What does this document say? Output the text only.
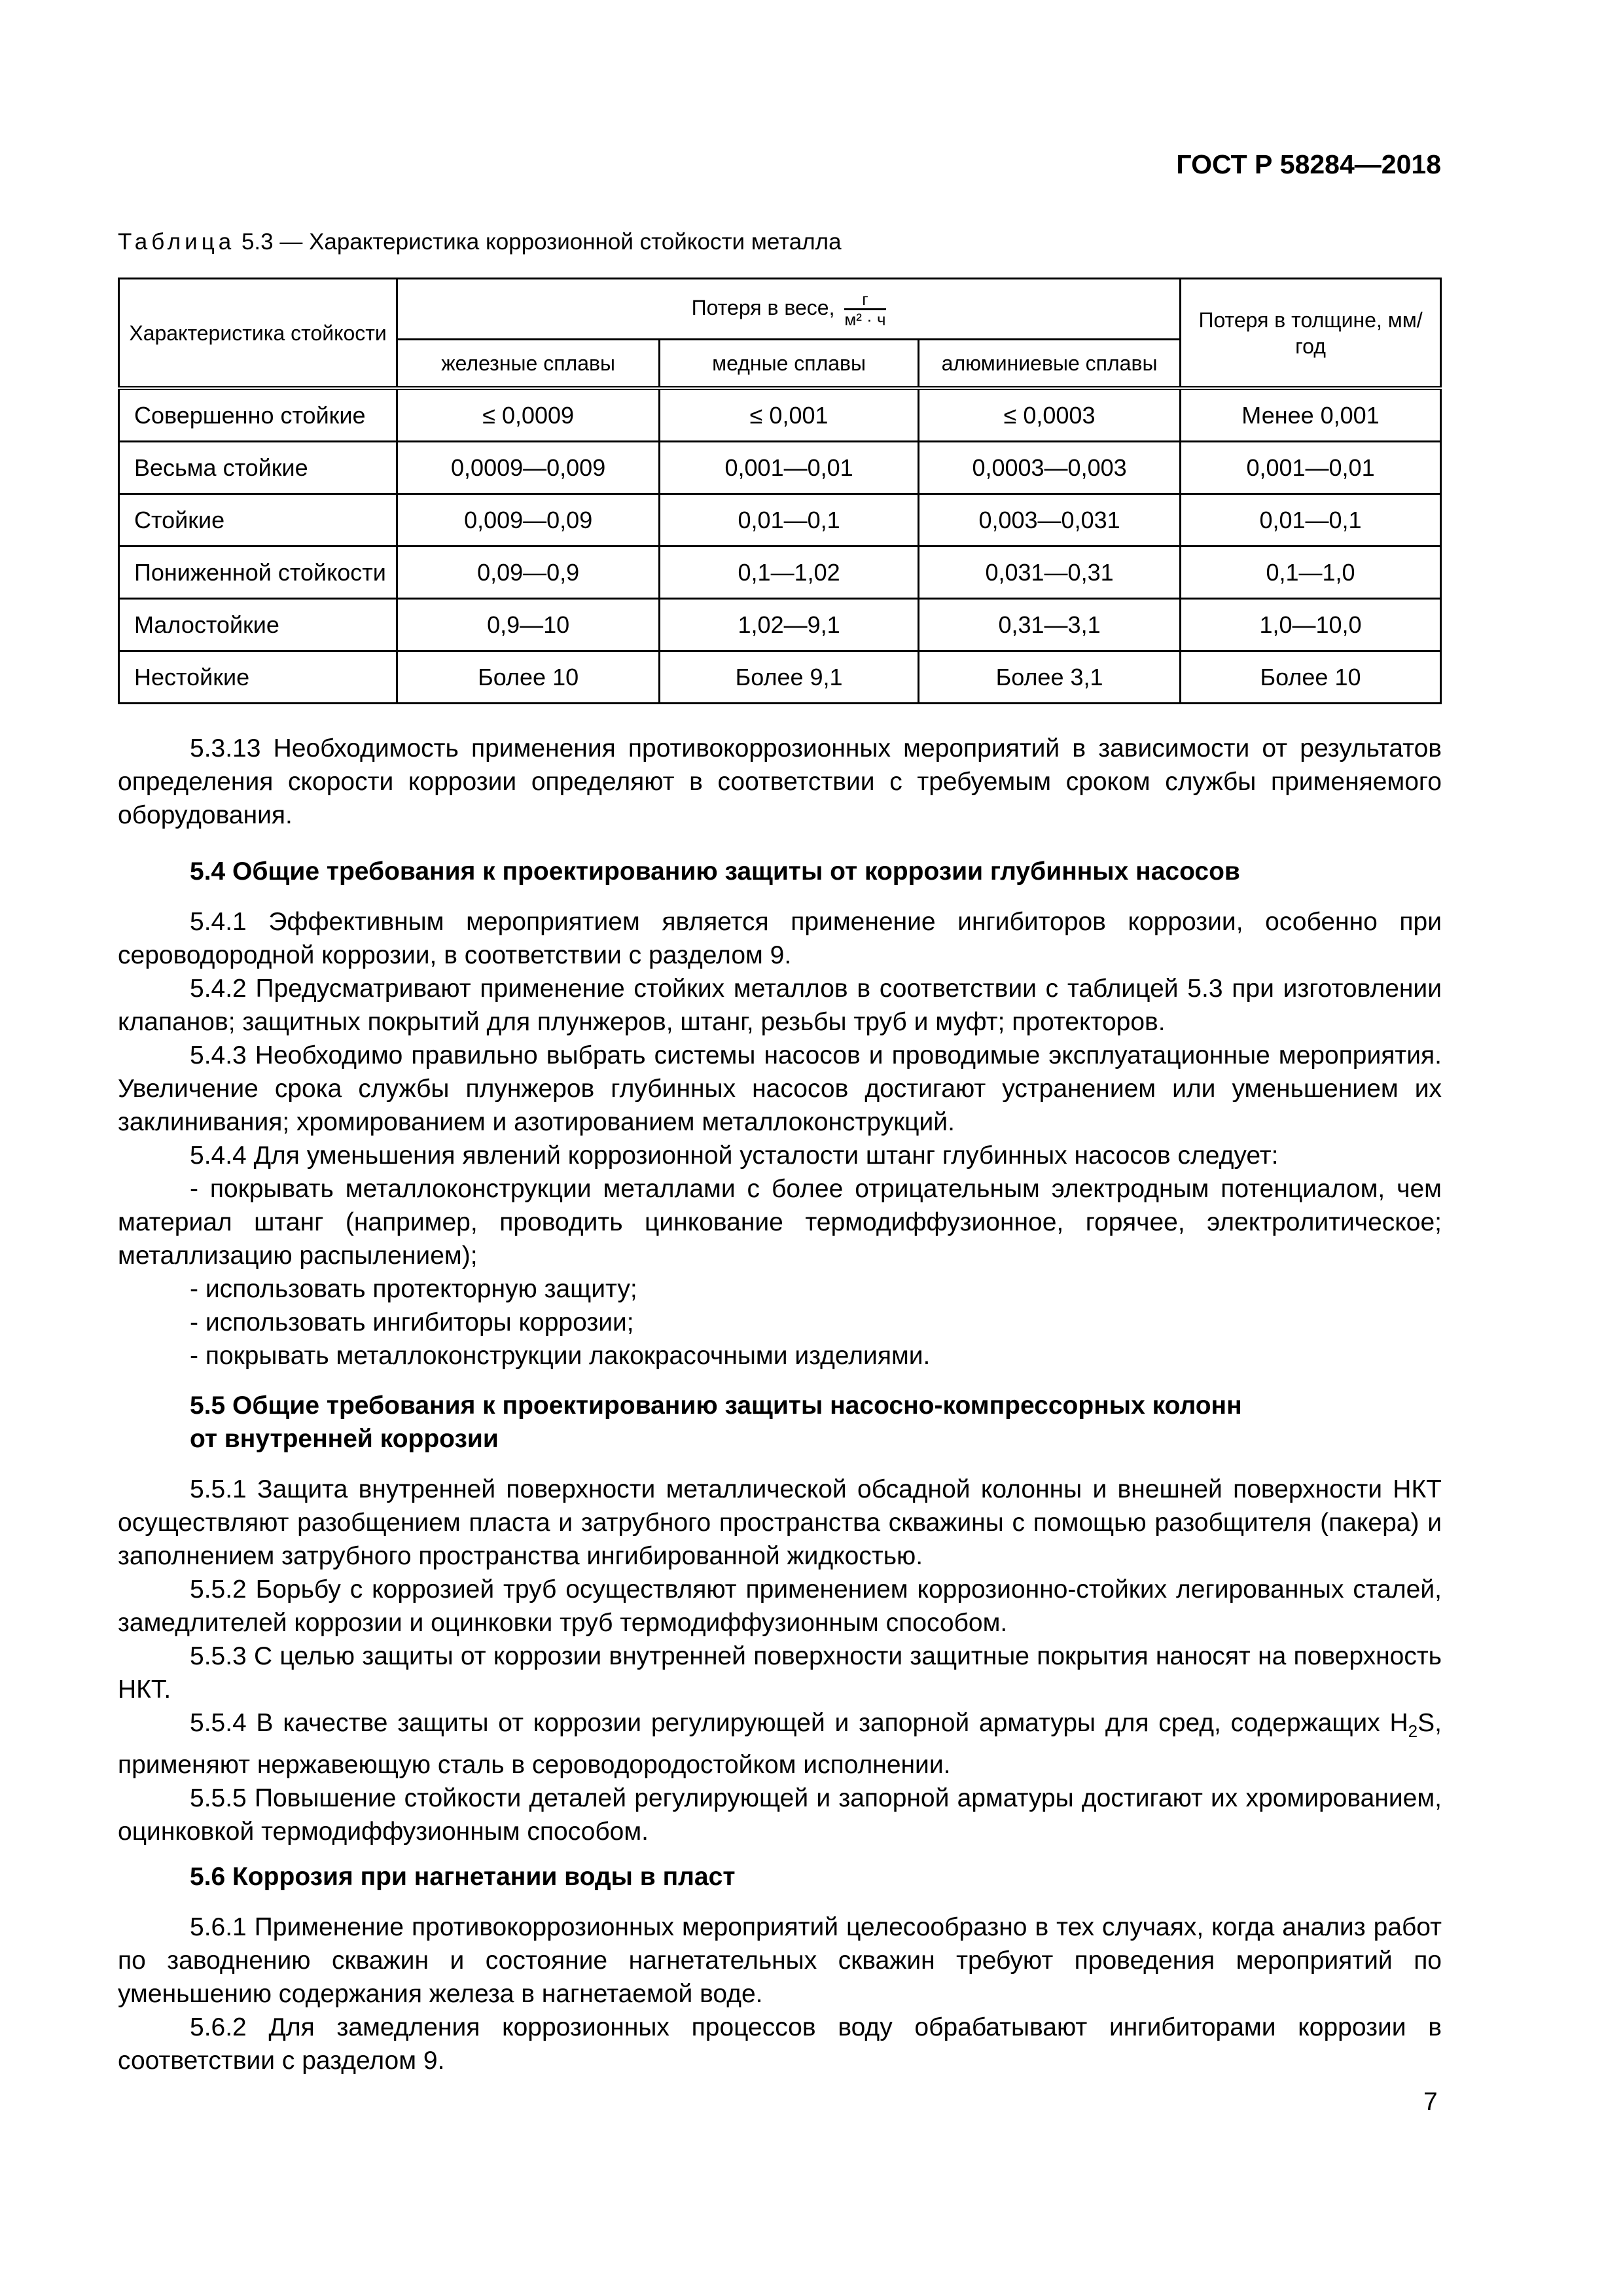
ГОСТ Р 58284—2018
Таблица 5.3 — Характеристика коррозионной стойкости металла
Характеристика стойкости	Потеря в весе, $\frac{г}{\text{м² · ч}}$			Потеря в толщине, мм/год
	железные сплавы	медные сплавы	алюминиевые сплавы	
Совершенно стойкие	≤ 0,0009	≤ 0,001	≤ 0,0003	Менее 0,001
Весьма стойкие	0,0009—0,009	0,001—0,01	0,0003—0,003	0,001—0,01
Стойкие	0,009—0,09	0,01—0,1	0,003—0,031	0,01—0,1
Пониженной стойкости	0,09—0,9	0,1—1,02	0,031—0,31	0,1—1,0
Малостойкие	0,9—10	1,02—9,1	0,31—3,1	1,0—10,0
Нестойкие	Более 10	Более 9,1	Более 3,1	Более 10

5.3.13 Необходимость применения противокоррозионных мероприятий в зависимости от результатов определения скорости коррозии определяют в соответствии с требуемым сроком службы применяемого оборудования.

5.4 Общие требования к проектированию защиты от коррозии глубинных насосов

5.4.1 Эффективным мероприятием является применение ингибиторов коррозии, особенно при сероводородной коррозии, в соответствии с разделом 9.

5.4.2 Предусматривают применение стойких металлов в соответствии с таблицей 5.3 при изготовлении клапанов; защитных покрытий для плунжеров, штанг, резьбы труб и муфт; протекторов.

5.4.3 Необходимо правильно выбрать системы насосов и проводимые эксплуатационные мероприятия. Увеличение срока службы плунжеров глубинных насосов достигают устранением или уменьшением их заклинивания; хромированием и азотированием металлоконструкций.

5.4.4 Для уменьшения явлений коррозионной усталости штанг глубинных насосов следует:

- покрывать металлоконструкции металлами с более отрицательным электродным потенциалом, чем материал штанг (например, проводить цинкование термодиффузионное, горячее, электролитическое; металлизацию распылением);

- использовать протекторную защиту;

- использовать ингибиторы коррозии;

- покрывать металлоконструкции лакокрасочными изделиями.

5.5 Общие требования к проектированию защиты насосно-компрессорных колонн
от внутренней коррозии

5.5.1 Защита внутренней поверхности металлической обсадной колонны и внешней поверхности НКТ осуществляют разобщением пласта и затрубного пространства скважины с помощью разобщителя (пакера) и заполнением затрубного пространства ингибированной жидкостью.

5.5.2 Борьбу с коррозией труб осуществляют применением коррозионно-стойких легированных сталей, замедлителей коррозии и оцинковки труб термодиффузионным способом.

5.5.3 С целью защиты от коррозии внутренней поверхности защитные покрытия наносят на поверхность НКТ.

5.5.4 В качестве защиты от коррозии регулирующей и запорной арматуры для сред, содержащих $H_2S$, применяют нержавеющую сталь в сероводородостойком исполнении.

5.5.5 Повышение стойкости деталей регулирующей и запорной арматуры достигают их хромированием, оцинковкой термодиффузионным способом.

5.6 Коррозия при нагнетании воды в пласт

5.6.1 Применение противокоррозионных мероприятий целесообразно в тех случаях, когда анализ работ по заводнению скважин и состояние нагнетательных скважин требуют проведения мероприятий по уменьшению содержания железа в нагнетаемой воде.

5.6.2 Для замедления коррозионных процессов воду обрабатывают ингибиторами коррозии в соответствии с разделом 9.

7
